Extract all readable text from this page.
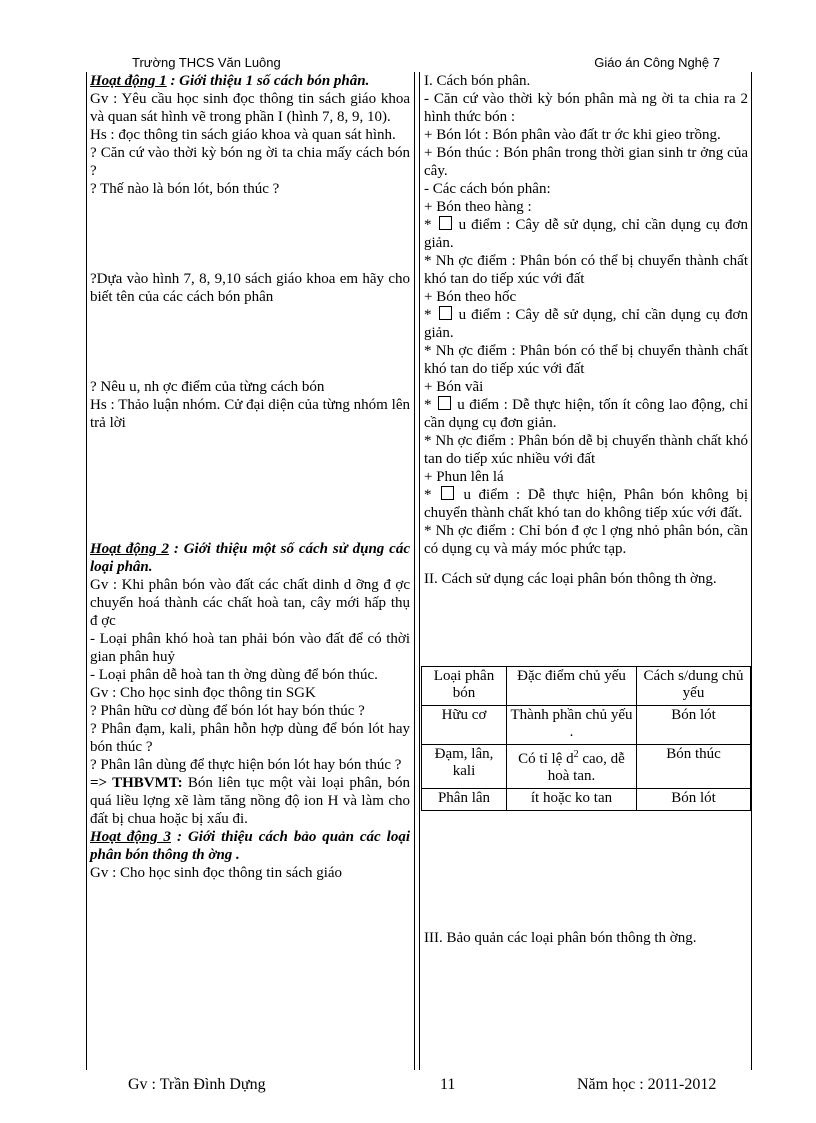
Trường THCS Văn Luông	Giáo án Công Nghệ 7

Hoạt động 1 : Giới thiệu 1 số cách bón phân.

Gv : Yêu cầu học sinh đọc thông tin sách giáo khoa và quan sát hình vẽ trong phần I (hình 7, 8, 9, 10).

Hs : đọc thông tin sách giáo khoa và quan sát hình.

? Căn cứ vào thời kỳ bón ng ời ta chia mấy cách bón ?

? Thế nào là bón lót, bón thúc ?

?Dựa vào hình 7, 8, 9,10 sách giáo khoa em hãy cho biết tên của các cách bón phân

? Nêu u, nh ợc điểm của từng cách bón

Hs : Thảo luận nhóm. Cử đại diện của từng nhóm lên trả lời

Hoạt động 2 : Giới thiệu một số cách sử dụng các loại phân.

Gv : Khi phân bón vào đất các chất dinh d ỡng đ ợc chuyển hoá thành các chất hoà tan, cây mới hấp thụ đ ợc

- Loại phân khó hoà tan phải bón vào đất để có thời gian phân huỷ

- Loại phân dễ hoà tan th ờng dùng để bón thúc.

Gv : Cho học sinh đọc thông tin SGK

? Phân hữu cơ dùng để bón lót hay bón thúc ?

? Phân đạm, kali, phân hỗn hợp dùng để bón lót hay bón thúc ?

? Phân lân dùng để thực hiện bón lót hay bón thúc ?

=> THBVMT: Bón liên tục một vài loại phân, bón quá liều lợng xẽ làm tăng nồng độ ion H và làm cho đất bị chua hoặc bị xấu đi.

Hoạt động 3 : Giới thiệu cách bảo quản các loại phân bón thông th ờng .

Gv : Cho học sinh đọc thông tin sách giáo

I. Cách bón phân.

- Căn cứ vào thời kỳ bón phân mà ng ời ta chia ra 2 hình thức bón :

+ Bón lót : Bón phân vào đất tr ớc khi gieo trồng.

+ Bón thúc : Bón phân trong thời gian sinh tr ởng của cây.

- Các cách bón phân:

+ Bón theo hàng :

*  u điểm : Cây dễ sử dụng, chỉ cần dụng cụ đơn giản.

* Nh ợc điểm : Phân bón có thể bị chuyển thành chất khó tan do tiếp xúc với đất

+ Bón theo hốc

*  u điểm : Cây dễ sử dụng, chỉ cần dụng cụ đơn giản.

* Nh ợc điểm : Phân bón có thể bị chuyển thành chất khó tan do tiếp xúc với đất

+ Bón vãi

*  u điểm : Dễ thực hiện, tốn ít công lao động, chỉ cần dụng cụ đơn giản.

* Nh ợc điểm : Phân bón dễ bị chuyển thành chất khó tan do tiếp xúc nhiều với đất

+ Phun lên lá

*  u điểm : Dễ thực hiện, Phân bón không bị chuyển thành chất khó tan do không tiếp xúc với đất.

* Nh ợc điểm : Chỉ bón đ ợc l ợng nhỏ phân bón, cần có dụng cụ và máy móc phức tạp.

II. Cách sử dụng các loại phân bón thông th ờng.

Loại phân bón	Đặc điểm chủ yếu	Cách s/dung chủ yếu
Hữu cơ	Thành phần chủ yếu .	Bón lót
Đạm, lân, kali	Có tỉ lệ $d^2$ cao, dễ hoà tan.	Bón thúc
Phân lân	ít hoặc ko tan	Bón lót

III. Bảo quản các loại phân bón thông th ờng.

Gv : Trần Đình Dựng	11	Năm học : 2011-2012
